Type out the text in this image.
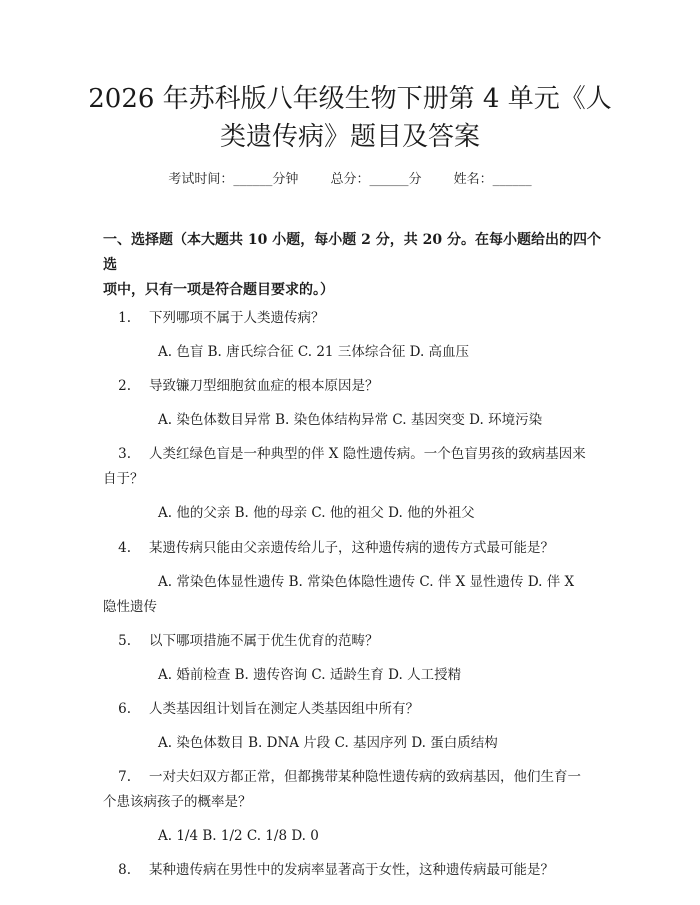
2026 年苏科版八年级生物下册第 4 单元《人
类遗传病》题目及答案
考试时间：______分钟 总分：______分 姓名：______
一、选择题（本大题共 10 小题，每小题 2 分，共 20 分。在每小题给出的四个选
项中，只有一项是符合题目要求的。）
1. 下列哪项不属于人类遗传病？
A. 色盲 B. 唐氏综合征 C. 21 三体综合征 D. 高血压
2. 导致镰刀型细胞贫血症的根本原因是？
A. 染色体数目异常 B. 染色体结构异常 C. 基因突变 D. 环境污染
3. 人类红绿色盲是一种典型的伴 X 隐性遗传病。一个色盲男孩的致病基因来
自于？
A. 他的父亲 B. 他的母亲 C. 他的祖父 D. 他的外祖父
4. 某遗传病只能由父亲遗传给儿子，这种遗传病的遗传方式最可能是？
A. 常染色体显性遗传 B. 常染色体隐性遗传 C. 伴 X 显性遗传 D. 伴 X
隐性遗传
5. 以下哪项措施不属于优生优育的范畴？
A. 婚前检查 B. 遗传咨询 C. 适龄生育 D. 人工授精
6. 人类基因组计划旨在测定人类基因组中所有？
A. 染色体数目 B. DNA 片段 C. 基因序列 D. 蛋白质结构
7. 一对夫妇双方都正常，但都携带某种隐性遗传病的致病基因，他们生育一
个患该病孩子的概率是？
A. 1/4 B. 1/2 C. 1/8 D. 0
8. 某种遗传病在男性中的发病率显著高于女性，这种遗传病最可能是？
